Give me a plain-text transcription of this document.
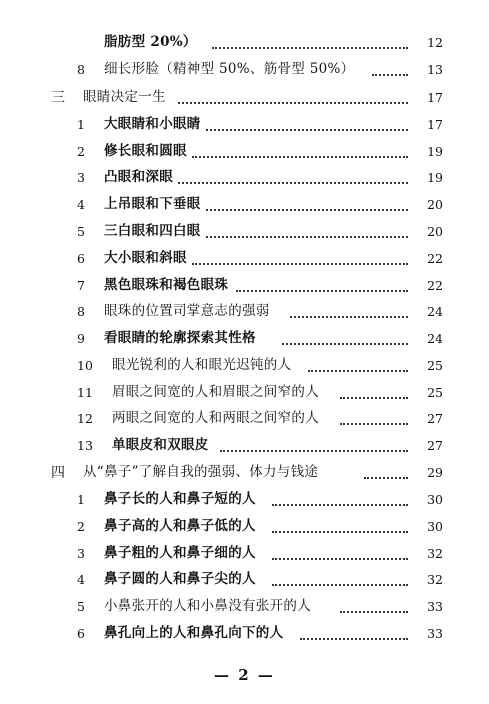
脂肪型 20%）	12
8	细长形脸（精神型 50%、筋骨型 50%）	13
三 眼睛决定一生	17
1	大眼睛和小眼睛	17
2	修长眼和圆眼	19
3	凸眼和深眼	19
4	上吊眼和下垂眼	20
5	三白眼和四白眼	20
6	大小眼和斜眼	22
7	黑色眼珠和褐色眼珠	22
8	眼珠的位置司掌意志的强弱	24
9	看眼睛的轮廓探索其性格	24
10 眼光锐利的人和眼光迟钝的人	25
11 眉眼之间宽的人和眉眼之间窄的人	25
12 两眼之间宽的人和两眼之间窄的人	27
13 单眼皮和双眼皮	27
四 从“鼻子”了解自我的强弱、体力与钱途	29
1	鼻子长的人和鼻子短的人	30
2	鼻子高的人和鼻子低的人	30
3	鼻子粗的人和鼻子细的人	32
4	鼻子圆的人和鼻子尖的人	32
5	小鼻张开的人和小鼻没有张开的人	33
6	鼻孔向上的人和鼻孔向下的人	33
— 2 —
